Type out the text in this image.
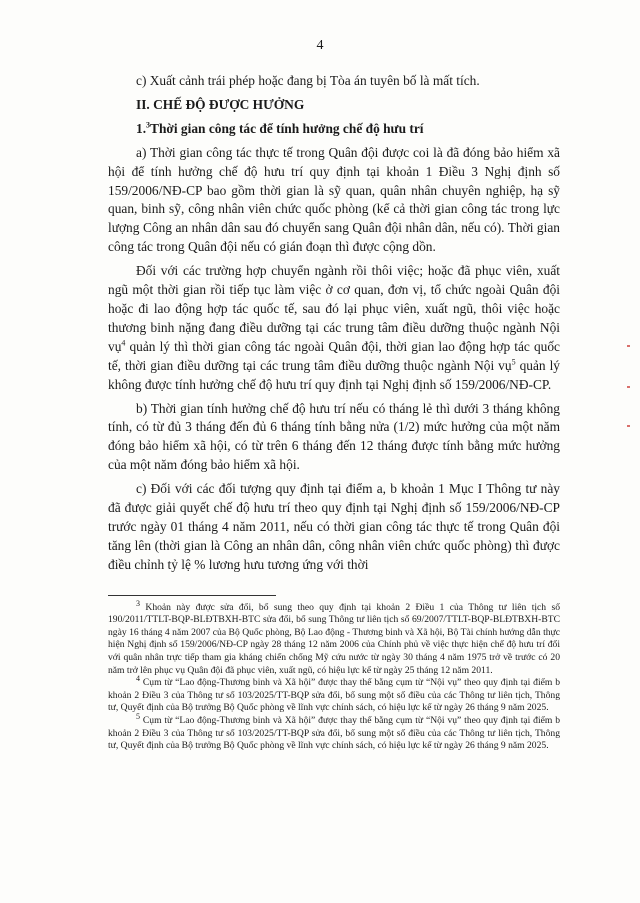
4

c) Xuất cảnh trái phép hoặc đang bị Tòa án tuyên bố là mất tích.

II. CHẾ ĐỘ ĐƯỢC HƯỞNG

1.$^3$Thời gian công tác để tính hưởng chế độ hưu trí

a) Thời gian công tác thực tế trong Quân đội được coi là đã đóng bảo hiểm xã hội để tính hưởng chế độ hưu trí quy định tại khoản 1 Điều 3 Nghị định số 159/2006/NĐ-CP bao gồm thời gian là sỹ quan, quân nhân chuyên nghiệp, hạ sỹ quan, binh sỹ, công nhân viên chức quốc phòng (kể cả thời gian công tác trong lực lượng Công an nhân dân sau đó chuyển sang Quân đội nhân dân, nếu có). Thời gian công tác trong Quân đội nếu có gián đoạn thì được cộng dồn.

Đối với các trường hợp chuyển ngành rồi thôi việc; hoặc đã phục viên, xuất ngũ một thời gian rồi tiếp tục làm việc ở cơ quan, đơn vị, tổ chức ngoài Quân đội hoặc đi lao động hợp tác quốc tế, sau đó lại phục viên, xuất ngũ, thôi việc hoặc thương binh nặng đang điều dưỡng tại các trung tâm điều dưỡng thuộc ngành Nội vụ$^4$ quản lý thì thời gian công tác ngoài Quân đội, thời gian lao động hợp tác quốc tế, thời gian điều dưỡng tại các trung tâm điều dưỡng thuộc ngành Nội vụ$^5$ quản lý không được tính hưởng chế độ hưu trí quy định tại Nghị định số 159/2006/NĐ-CP.

b) Thời gian tính hưởng chế độ hưu trí nếu có tháng lẻ thì dưới 3 tháng không tính, có từ đủ 3 tháng đến đủ 6 tháng tính bằng nửa (1/2) mức hưởng của một năm đóng bảo hiểm xã hội, có từ trên 6 tháng đến 12 tháng được tính bằng mức hưởng của một năm đóng bảo hiểm xã hội.

c) Đối với các đối tượng quy định tại điểm a, b khoản 1 Mục I Thông tư này đã được giải quyết chế độ hưu trí theo quy định tại Nghị định số 159/2006/NĐ-CP trước ngày 01 tháng 4 năm 2011, nếu có thời gian công tác thực tế trong Quân đội tăng lên (thời gian là Công an nhân dân, công nhân viên chức quốc phòng) thì được điều chỉnh tỷ lệ % lương hưu tương ứng với thời

$^3$ Khoản này được sửa đổi, bổ sung theo quy định tại khoản 2 Điều 1 của Thông tư liên tịch số 190/2011/TTLT-BQP-BLĐTBXH-BTC sửa đổi, bổ sung Thông tư liên tịch số 69/2007/TTLT-BQP-BLĐTBXH-BTC ngày 16 tháng 4 năm 2007 của Bộ Quốc phòng, Bộ Lao động - Thương binh và Xã hội, Bộ Tài chính hướng dẫn thực hiện Nghị định số 159/2006/NĐ-CP ngày 28 tháng 12 năm 2006 của Chính phủ về việc thực hiện chế độ hưu trí đối với quân nhân trực tiếp tham gia kháng chiến chống Mỹ cứu nước từ ngày 30 tháng 4 năm 1975 trở về trước có 20 năm trở lên phục vụ Quân đội đã phục viên, xuất ngũ, có hiệu lực kể từ ngày 25 tháng 12 năm 2011.

$^4$ Cụm từ “Lao động-Thương binh và Xã hội” được thay thế bằng cụm từ “Nội vụ” theo quy định tại điểm b khoản 2 Điều 3 của Thông tư số 103/2025/TT-BQP sửa đổi, bổ sung một số điều của các Thông tư liên tịch, Thông tư, Quyết định của Bộ trưởng Bộ Quốc phòng về lĩnh vực chính sách, có hiệu lực kể từ ngày 26 tháng 9 năm 2025.

$^5$ Cụm từ “Lao động-Thương binh và Xã hội” được thay thế bằng cụm từ “Nội vụ” theo quy định tại điểm b khoản 2 Điều 3 của Thông tư số 103/2025/TT-BQP sửa đổi, bổ sung một số điều của các Thông tư liên tịch, Thông tư, Quyết định của Bộ trưởng Bộ Quốc phòng về lĩnh vực chính sách, có hiệu lực kể từ ngày 26 tháng 9 năm 2025.
